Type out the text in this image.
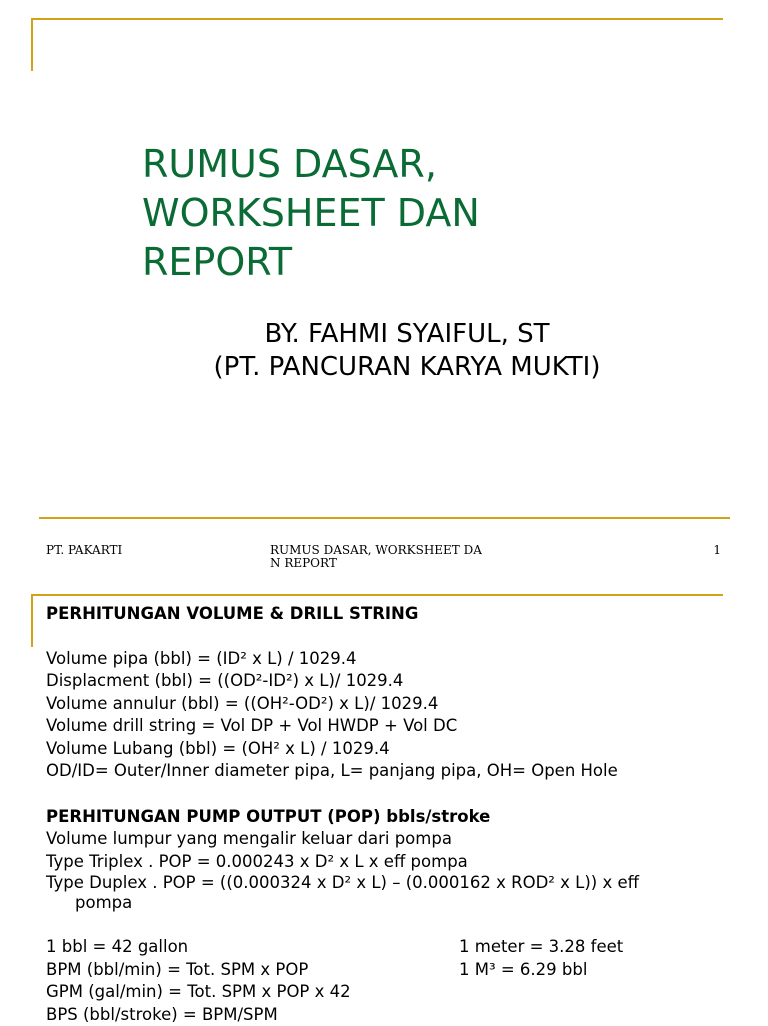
RUMUS DASAR,
WORKSHEET DAN
REPORT
BY. FAHMI SYAIFUL, ST
(PT. PANCURAN KARYA MUKTI)
PT. PAKARTI	RUMUS DASAR, WORKSHEET DA
N REPORT
1

PERHITUNGAN VOLUME & DRILL STRING

Volume pipa (bbl) = (ID² x L) / 1029.4

Displacment (bbl) = ((OD²-ID²) x L)/ 1029.4

Volume annulur (bbl) = ((OH²-OD²) x L)/ 1029.4

Volume drill string = Vol DP + Vol HWDP + Vol DC

Volume Lubang (bbl) = (OH² x L) / 1029.4

OD/ID= Outer/Inner diameter pipa, L= panjang pipa, OH= Open Hole

PERHITUNGAN PUMP OUTPUT (POP) bbls/stroke

Volume lumpur yang mengalir keluar dari pompa

Type Triplex . POP = 0.000243 x D² x L x eff pompa

Type Duplex . POP = ((0.000324 x D² x L) – (0.000162 x ROD² x L)) x eff pompa

1 bbl = 42 gallon

BPM (bbl/min) = Tot. SPM x POP

GPM (gal/min) = Tot. SPM x POP x 42

BPS (bbl/stroke) = BPM/SPM

1 meter = 3.28 feet

1 M³ = 6.29 bbl
